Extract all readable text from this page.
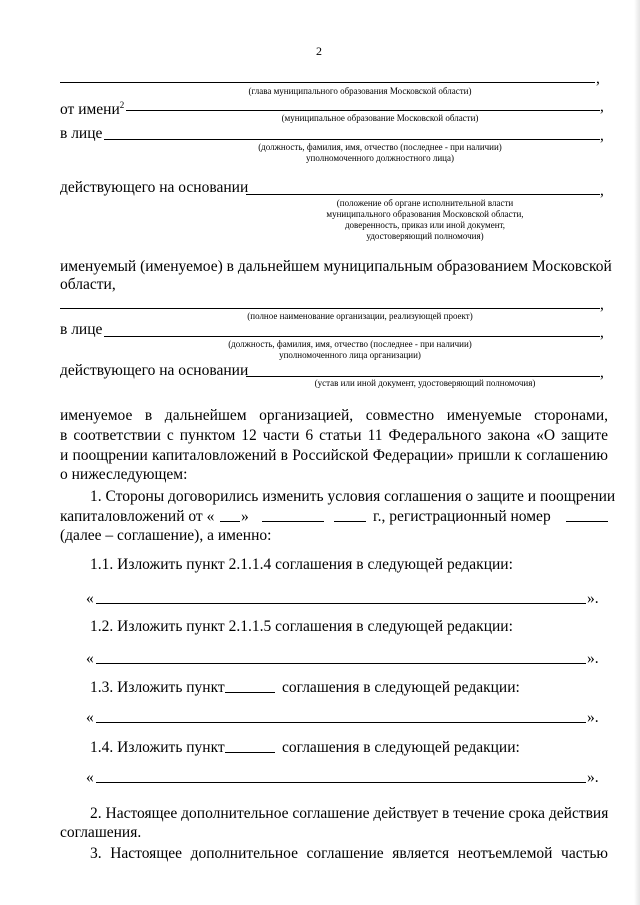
2
,
(глава муниципального образования Московской области)
от имени$^2$	,
(муниципальное образование Московской области)
в лице	,
(должность, фамилия, имя, отчество (последнее - при наличии)
уполномоченного должностного лица)
действующего на основании	,
(положение об органе исполнительной власти
муниципального образования Московской области,
доверенность, приказ или иной документ,
удостоверяющий полномочия)
именуемый (именуемое) в дальнейшем муниципальным образованием Московской
области,
,
(полное наименование организации, реализующей проект)
в лице	,
(должность, фамилия, имя, отчество (последнее - при наличии)
уполномоченного лица организации)
действующего на основании	,
(устав или иной документ, удостоверяющий полномочия)
именуемое в дальнейшем организацией, совместно именуемые сторонами,
в соответствии с пунктом 12 части 6 статьи 11 Федерального закона «О защите
и поощрении капиталовложений в Российской Федерации» пришли к соглашению
о нижеследующем:
1. Стороны договорились изменить условия соглашения о защите и поощрении
капиталовложений от « »	г., регистрационный номер
(далее – соглашение), а именно:
1.1. Изложить пункт 2.1.1.4 соглашения в следующей редакции:
«	».
1.2. Изложить пункт 2.1.1.5 соглашения в следующей редакции:
«	».
1.3. Изложить пункт	соглашения в следующей редакции:
«	».
1.4. Изложить пункт	соглашения в следующей редакции:
«	».
2. Настоящее дополнительное соглашение действует в течение срока действия
соглашения.
3. Настоящее дополнительное соглашение является неотъемлемой частью
